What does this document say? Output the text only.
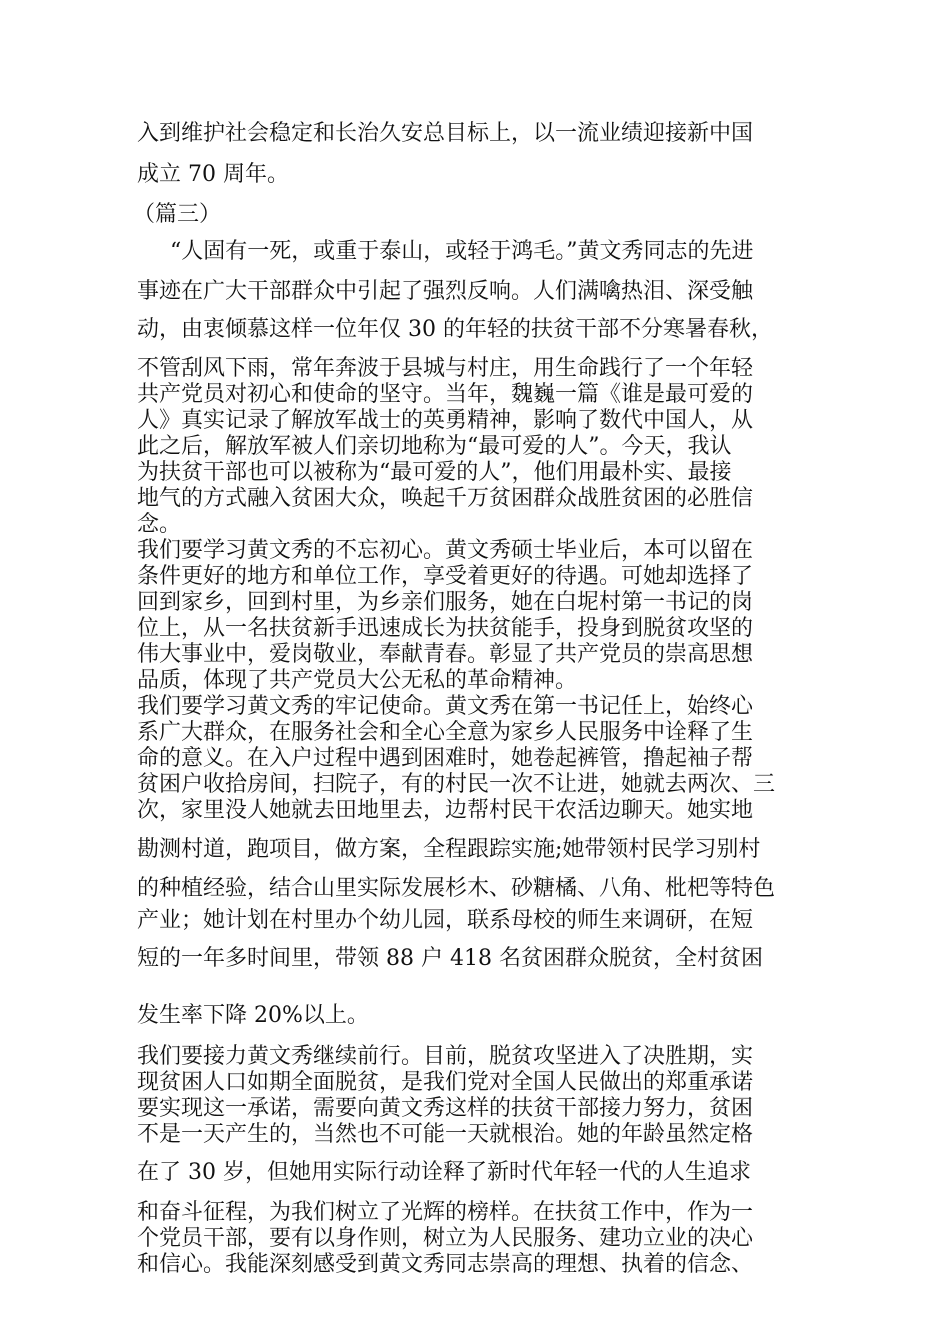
入到维护社会稳定和长治久安总目标上，以一流业绩迎接新中国
成立 70 周年。
（篇三）
“人固有一死，或重于泰山，或轻于鸿毛。”黄文秀同志的先进
事迹在广大干部群众中引起了强烈反响。人们满噙热泪、深受触
动，由衷倾慕这样一位年仅 30 的年轻的扶贫干部不分寒暑春秋，
不管刮风下雨，常年奔波于县城与村庄，用生命践行了一个年轻
共产党员对初心和使命的坚守。当年，魏巍一篇《谁是最可爱的
人》真实记录了解放军战士的英勇精神，影响了数代中国人，从
此之后，解放军被人们亲切地称为“最可爱的人”。今天，我认
为扶贫干部也可以被称为“最可爱的人”，他们用最朴实、最接
地气的方式融入贫困大众，唤起千万贫困群众战胜贫困的必胜信
念。
我们要学习黄文秀的不忘初心。黄文秀硕士毕业后，本可以留在
条件更好的地方和单位工作，享受着更好的待遇。可她却选择了
回到家乡，回到村里，为乡亲们服务，她在白坭村第一书记的岗
位上，从一名扶贫新手迅速成长为扶贫能手，投身到脱贫攻坚的
伟大事业中，爱岗敬业，奉献青春。彰显了共产党员的崇高思想
品质，体现了共产党员大公无私的革命精神。
我们要学习黄文秀的牢记使命。黄文秀在第一书记任上，始终心
系广大群众，在服务社会和全心全意为家乡人民服务中诠释了生
命的意义。在入户过程中遇到困难时，她卷起裤管，撸起袖子帮
贫困户收拾房间，扫院子，有的村民一次不让进，她就去两次、三
次，家里没人她就去田地里去，边帮村民干农活边聊天。她实地
勘测村道，跑项目，做方案，全程跟踪实施;她带领村民学习别村
的种植经验，结合山里实际发展杉木、砂糖橘、八角、枇杷等特色
产业；她计划在村里办个幼儿园，联系母校的师生来调研，在短
短的一年多时间里，带领 88 户 418 名贫困群众脱贫，全村贫困
发生率下降 20%以上。
我们要接力黄文秀继续前行。目前，脱贫攻坚进入了决胜期，实
现贫困人口如期全面脱贫，是我们党对全国人民做出的郑重承诺
要实现这一承诺，需要向黄文秀这样的扶贫干部接力努力，贫困
不是一天产生的，当然也不可能一天就根治。她的年龄虽然定格
在了 30 岁，但她用实际行动诠释了新时代年轻一代的人生追求
和奋斗征程，为我们树立了光辉的榜样。在扶贫工作中，作为一
个党员干部，要有以身作则，树立为人民服务、建功立业的决心
和信心。我能深刻感受到黄文秀同志崇高的理想、执着的信念、
